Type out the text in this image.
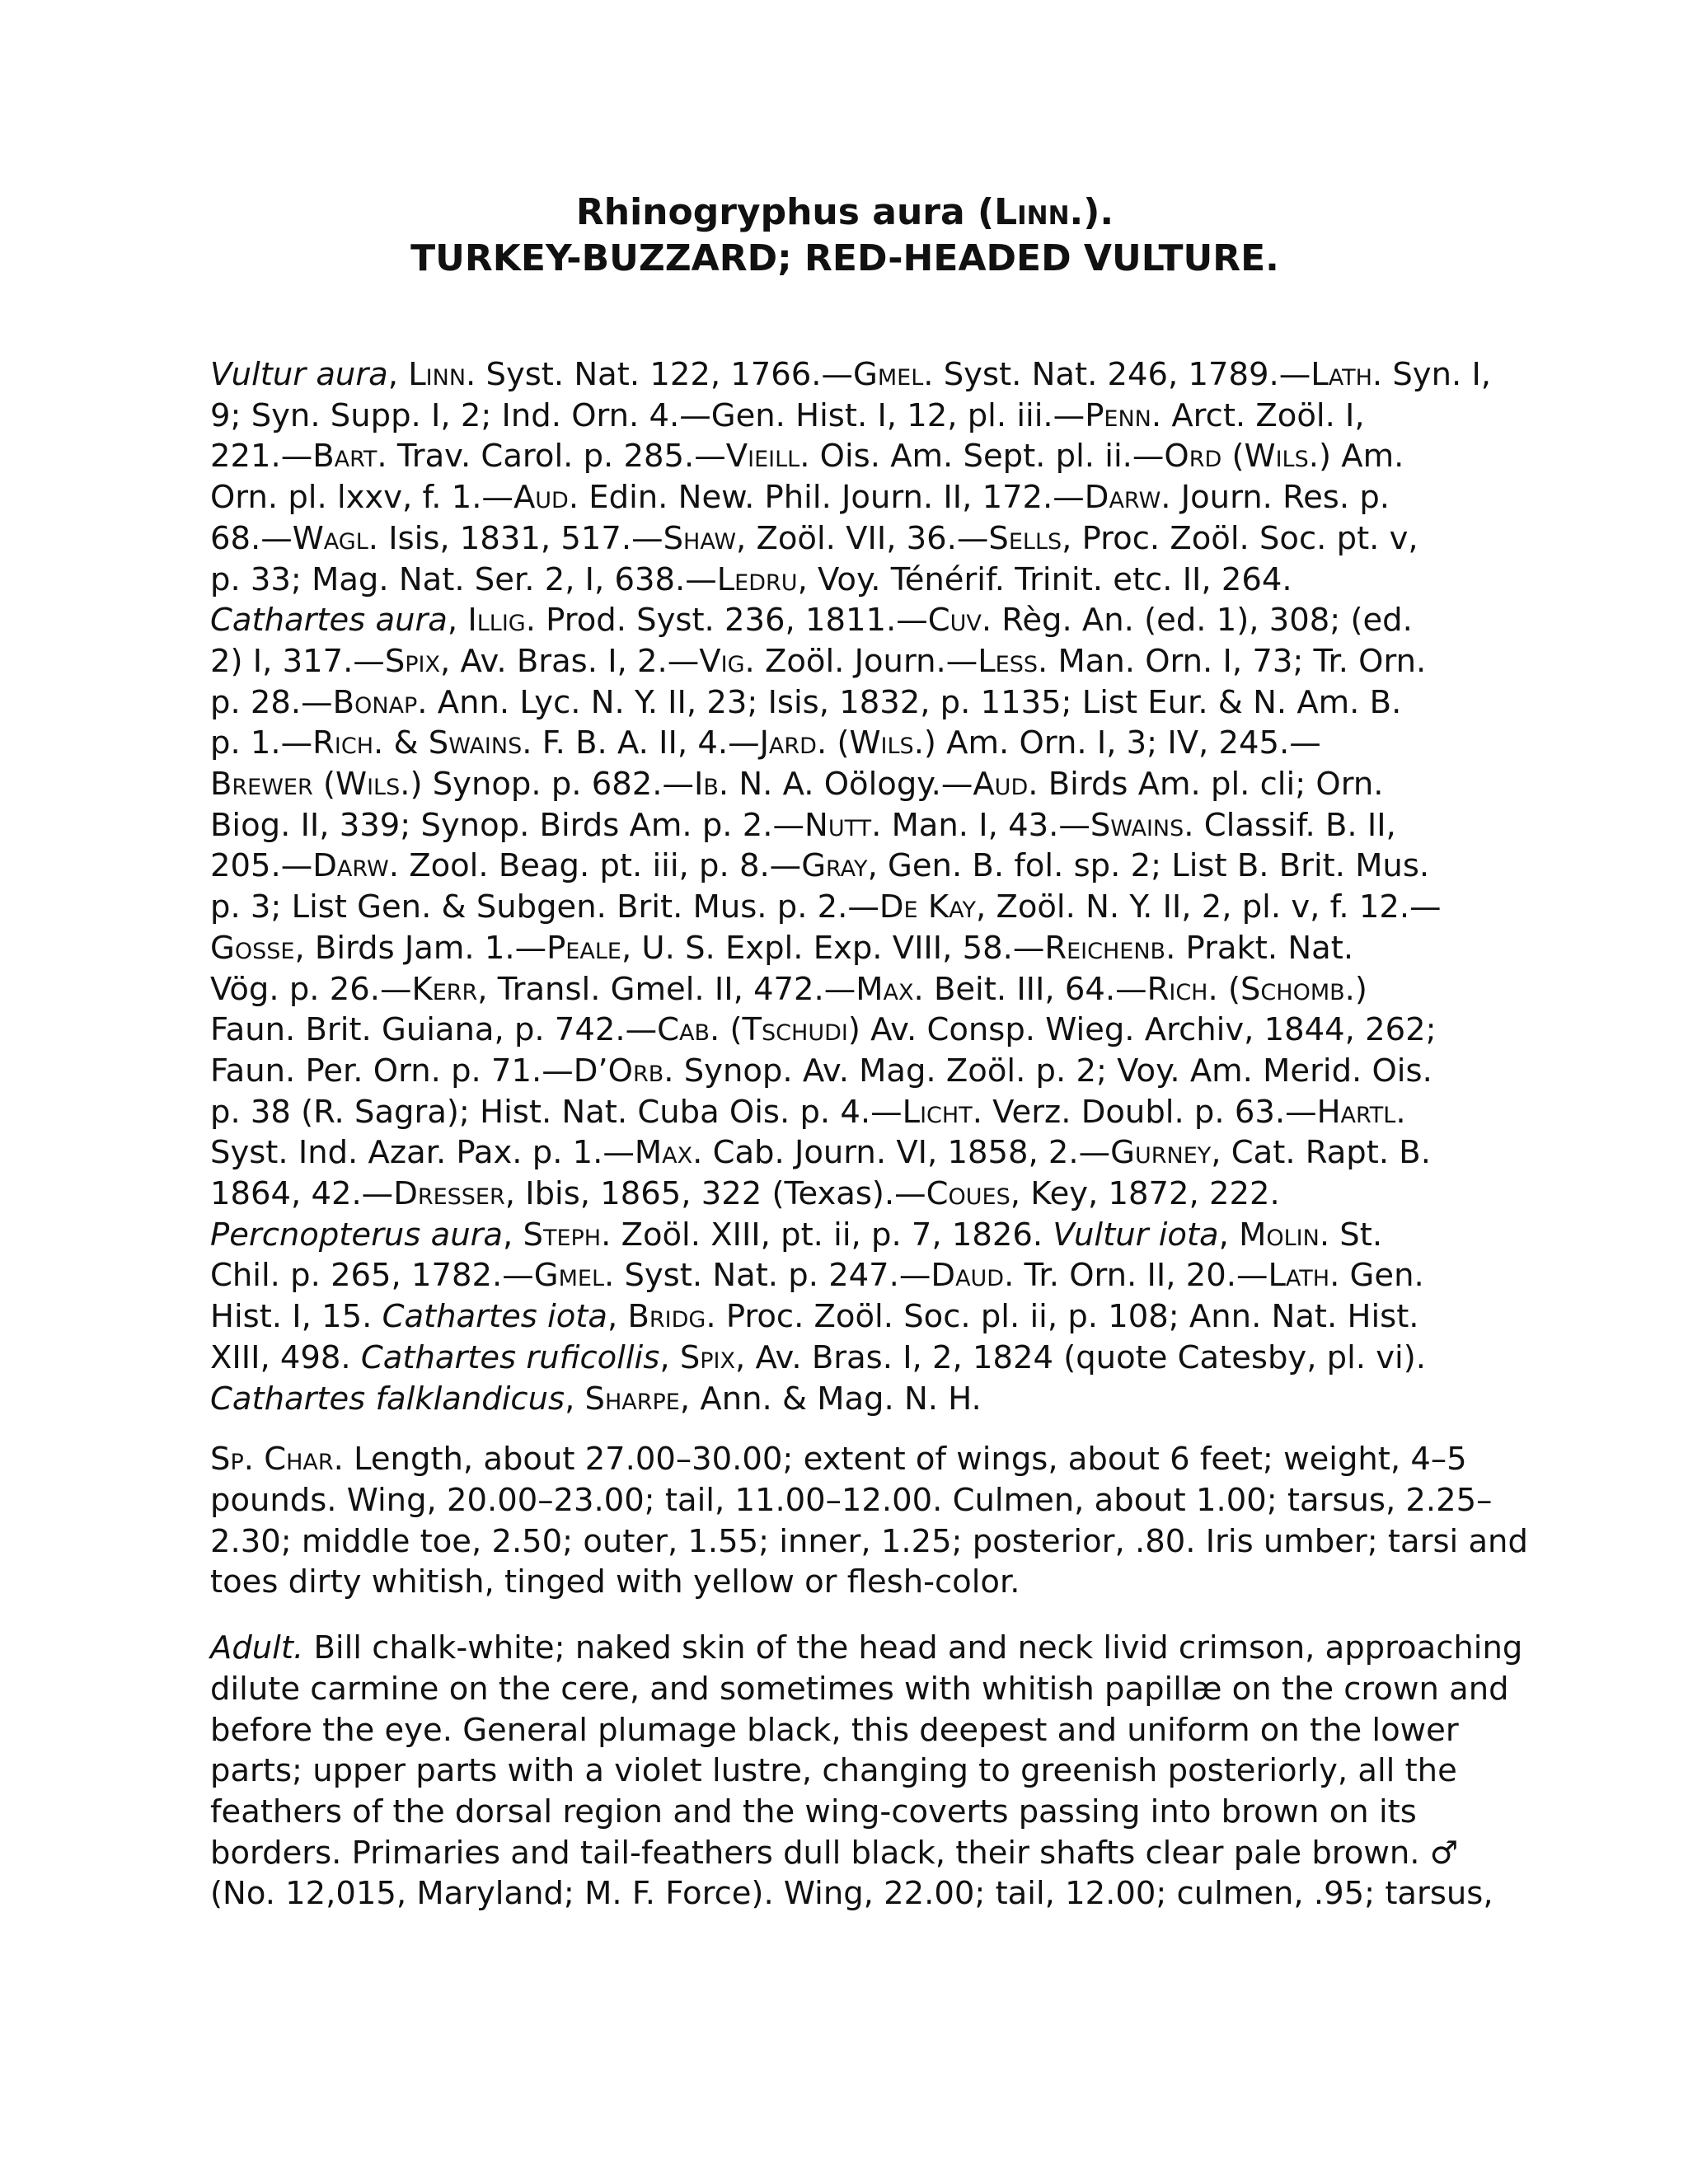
Rhinogryphus aura (Linn.).
TURKEY-BUZZARD; RED-HEADED VULTURE.
Vultur aura, Linn. Syst. Nat. 122, 1766.—Gmel. Syst. Nat. 246, 1789.—Lath. Syn. I,
9; Syn. Supp. I, 2; Ind. Orn. 4.—Gen. Hist. I, 12, pl. iii.—Penn. Arct. Zoöl. I,
221.—Bart. Trav. Carol. p. 285.—Vieill. Ois. Am. Sept. pl. ii.—Ord (Wils.) Am.
Orn. pl. lxxv, f. 1.—Aud. Edin. New. Phil. Journ. II, 172.—Darw. Journ. Res. p.
68.—Wagl. Isis, 1831, 517.—Shaw, Zoöl. VII, 36.—Sells, Proc. Zoöl. Soc. pt. v,
p. 33; Mag. Nat. Ser. 2, I, 638.—Ledru, Voy. Ténérif. Trinit. etc. II, 264.
Cathartes aura, Illig. Prod. Syst. 236, 1811.—Cuv. Règ. An. (ed. 1), 308; (ed.
2) I, 317.—Spix, Av. Bras. I, 2.—Vig. Zoöl. Journ.—Less. Man. Orn. I, 73; Tr. Orn.
p. 28.—Bonap. Ann. Lyc. N. Y. II, 23; Isis, 1832, p. 1135; List Eur. & N. Am. B.
p. 1.—Rich. & Swains. F. B. A. II, 4.—Jard. (Wils.) Am. Orn. I, 3; IV, 245.—
Brewer (Wils.) Synop. p. 682.—Ib. N. A. Oölogy.—Aud. Birds Am. pl. cli; Orn.
Biog. II, 339; Synop. Birds Am. p. 2.—Nutt. Man. I, 43.—Swains. Classif. B. II,
205.—Darw. Zool. Beag. pt. iii, p. 8.—Gray, Gen. B. fol. sp. 2; List B. Brit. Mus.
p. 3; List Gen. & Subgen. Brit. Mus. p. 2.—De Kay, Zoöl. N. Y. II, 2, pl. v, f. 12.—
Gosse, Birds Jam. 1.—Peale, U. S. Expl. Exp. VIII, 58.—Reichenb. Prakt. Nat.
Vög. p. 26.—Kerr, Transl. Gmel. II, 472.—Max. Beit. III, 64.—Rich. (Schomb.)
Faun. Brit. Guiana, p. 742.—Cab. (Tschudi) Av. Consp. Wieg. Archiv, 1844, 262;
Faun. Per. Orn. p. 71.—D’Orb. Synop. Av. Mag. Zoöl. p. 2; Voy. Am. Merid. Ois.
p. 38 (R. Sagra); Hist. Nat. Cuba Ois. p. 4.—Licht. Verz. Doubl. p. 63.—Hartl.
Syst. Ind. Azar. Pax. p. 1.—Max. Cab. Journ. VI, 1858, 2.—Gurney, Cat. Rapt. B.
1864, 42.—Dresser, Ibis, 1865, 322 (Texas).—Coues, Key, 1872, 222.
Percnopterus aura, Steph. Zoöl. XIII, pt. ii, p. 7, 1826. Vultur iota, Molin. St.
Chil. p. 265, 1782.—Gmel. Syst. Nat. p. 247.—Daud. Tr. Orn. II, 20.—Lath. Gen.
Hist. I, 15. Cathartes iota, Bridg. Proc. Zoöl. Soc. pl. ii, p. 108; Ann. Nat. Hist.
XIII, 498. Cathartes ruficollis, Spix, Av. Bras. I, 2, 1824 (quote Catesby, pl. vi).
Cathartes falklandicus, Sharpe, Ann. & Mag. N. H.
Sp. Char. Length, about 27.00–30.00; extent of wings, about 6 feet; weight, 4–5
pounds. Wing, 20.00–23.00; tail, 11.00–12.00. Culmen, about 1.00; tarsus, 2.25–
2.30; middle toe, 2.50; outer, 1.55; inner, 1.25; posterior, .80. Iris umber; tarsi and
toes dirty whitish, tinged with yellow or flesh-color.
Adult. Bill chalk-white; naked skin of the head and neck livid crimson, approaching
dilute carmine on the cere, and sometimes with whitish papillæ on the crown and
before the eye. General plumage black, this deepest and uniform on the lower
parts; upper parts with a violet lustre, changing to greenish posteriorly, all the
feathers of the dorsal region and the wing-coverts passing into brown on its
borders. Primaries and tail-feathers dull black, their shafts clear pale brown. ♂
(No. 12,015, Maryland; M. F. Force). Wing, 22.00; tail, 12.00; culmen, .95; tarsus,
